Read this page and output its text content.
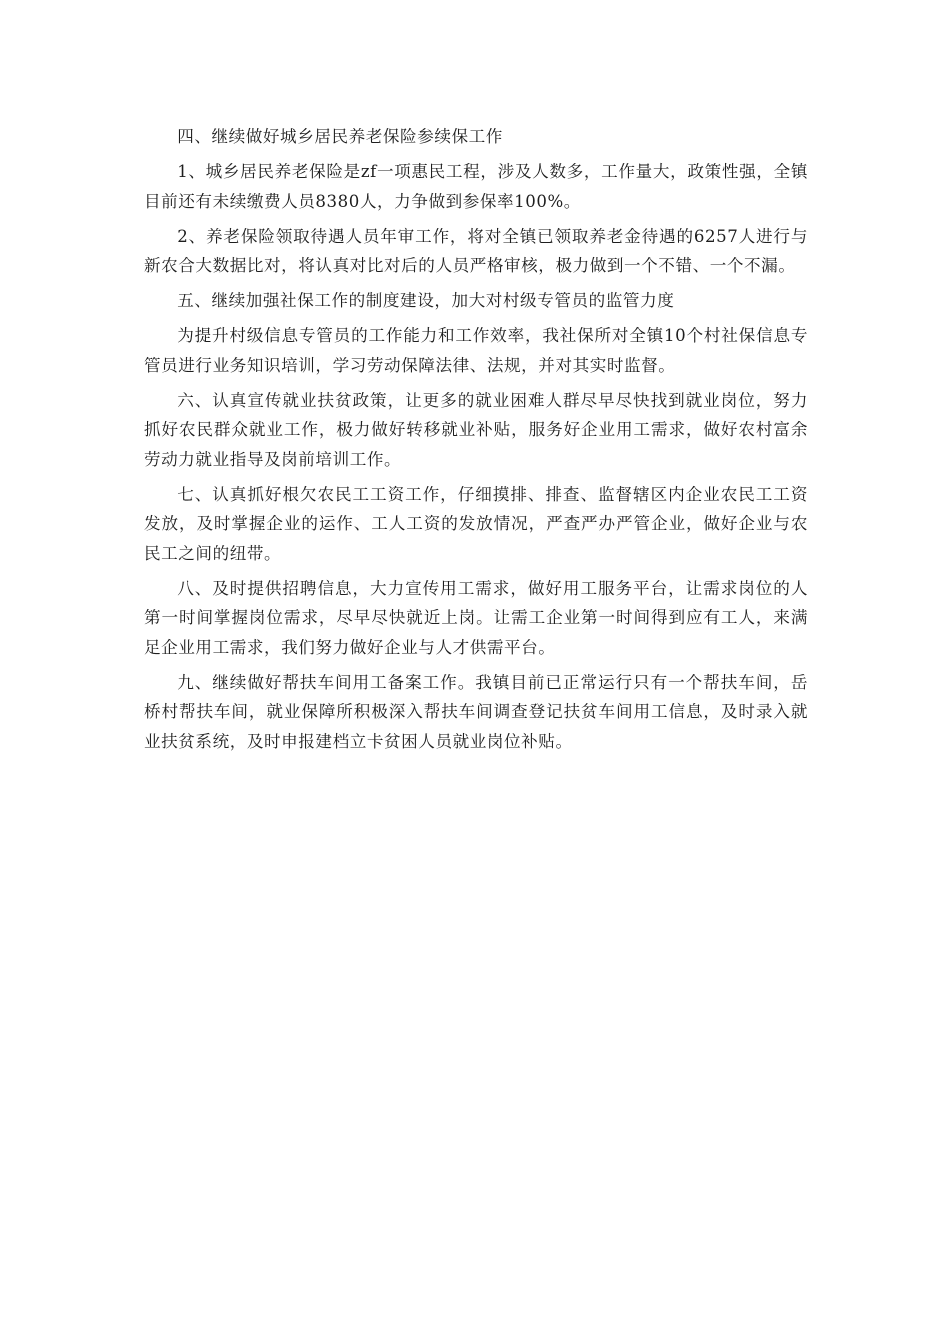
四、继续做好城乡居民养老保险参续保工作

1、城乡居民养老保险是zf一项惠民工程，涉及人数多，工作量大，政策性强，全镇目前还有未续缴费人员8380人，力争做到参保率100%。

2、养老保险领取待遇人员年审工作，将对全镇已领取养老金待遇的6257人进行与新农合大数据比对，将认真对比对后的人员严格审核，极力做到一个不错、一个不漏。

五、继续加强社保工作的制度建设，加大对村级专管员的监管力度

为提升村级信息专管员的工作能力和工作效率，我社保所对全镇10个村社保信息专管员进行业务知识培训，学习劳动保障法律、法规，并对其实时监督。

六、认真宣传就业扶贫政策，让更多的就业困难人群尽早尽快找到就业岗位，努力抓好农民群众就业工作，极力做好转移就业补贴，服务好企业用工需求，做好农村富余劳动力就业指导及岗前培训工作。

七、认真抓好根欠农民工工资工作，仔细摸排、排查、监督辖区内企业农民工工资发放，及时掌握企业的运作、工人工资的发放情况，严查严办严管企业，做好企业与农民工之间的纽带。

八、及时提供招聘信息，大力宣传用工需求，做好用工服务平台，让需求岗位的人第一时间掌握岗位需求，尽早尽快就近上岗。让需工企业第一时间得到应有工人，来满足企业用工需求，我们努力做好企业与人才供需平台。

九、继续做好帮扶车间用工备案工作。我镇目前已正常运行只有一个帮扶车间，岳桥村帮扶车间，就业保障所积极深入帮扶车间调查登记扶贫车间用工信息，及时录入就业扶贫系统，及时申报建档立卡贫困人员就业岗位补贴。
